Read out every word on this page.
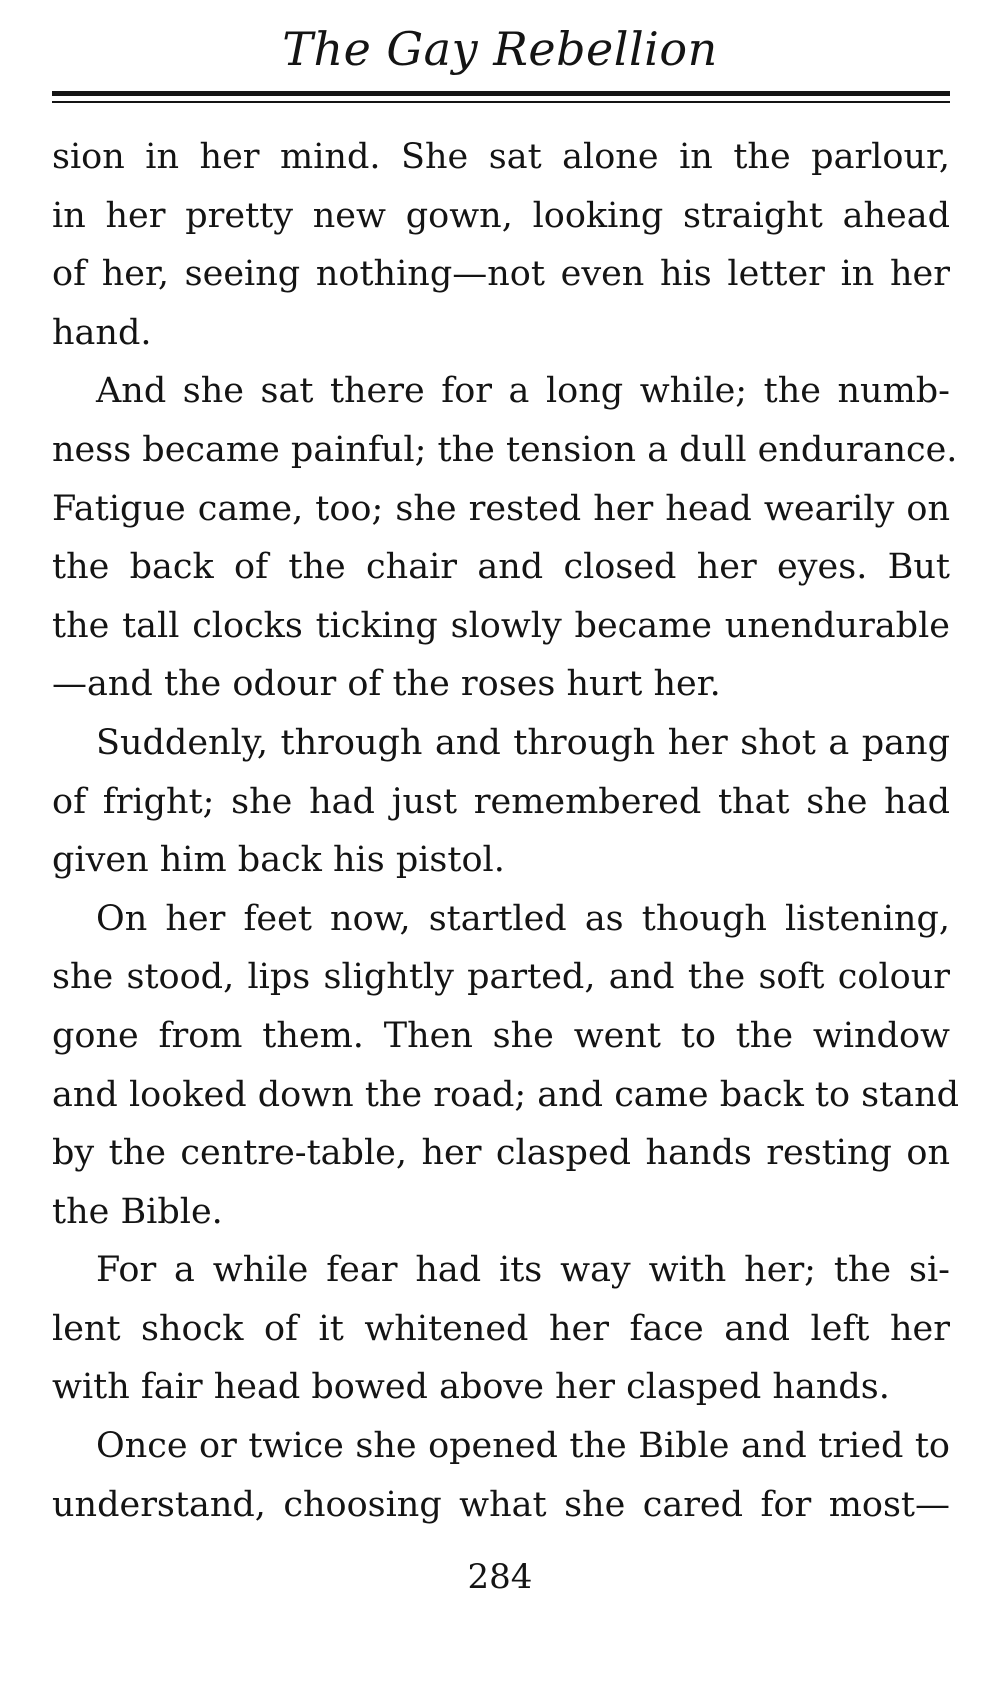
The Gay Rebellion
sion in her mind. She sat alone in the parlour,
in her pretty new gown, looking straight ahead
of her, seeing nothing—not even his letter in her
hand.
And she sat there for a long while; the numb-
ness became painful; the tension a dull endurance.
Fatigue came, too; she rested her head wearily on
the back of the chair and closed her eyes. But
the tall clocks ticking slowly became unendurable
—and the odour of the roses hurt her.
Suddenly, through and through her shot a pang
of fright; she had just remembered that she had
given him back his pistol.
On her feet now, startled as though listening,
she stood, lips slightly parted, and the soft colour
gone from them. Then she went to the window
and looked down the road; and came back to stand
by the centre-table, her clasped hands resting on
the Bible.
For a while fear had its way with her; the si-
lent shock of it whitened her face and left her
with fair head bowed above her clasped hands.
Once or twice she opened the Bible and tried to
understand, choosing what she cared for most—
284
